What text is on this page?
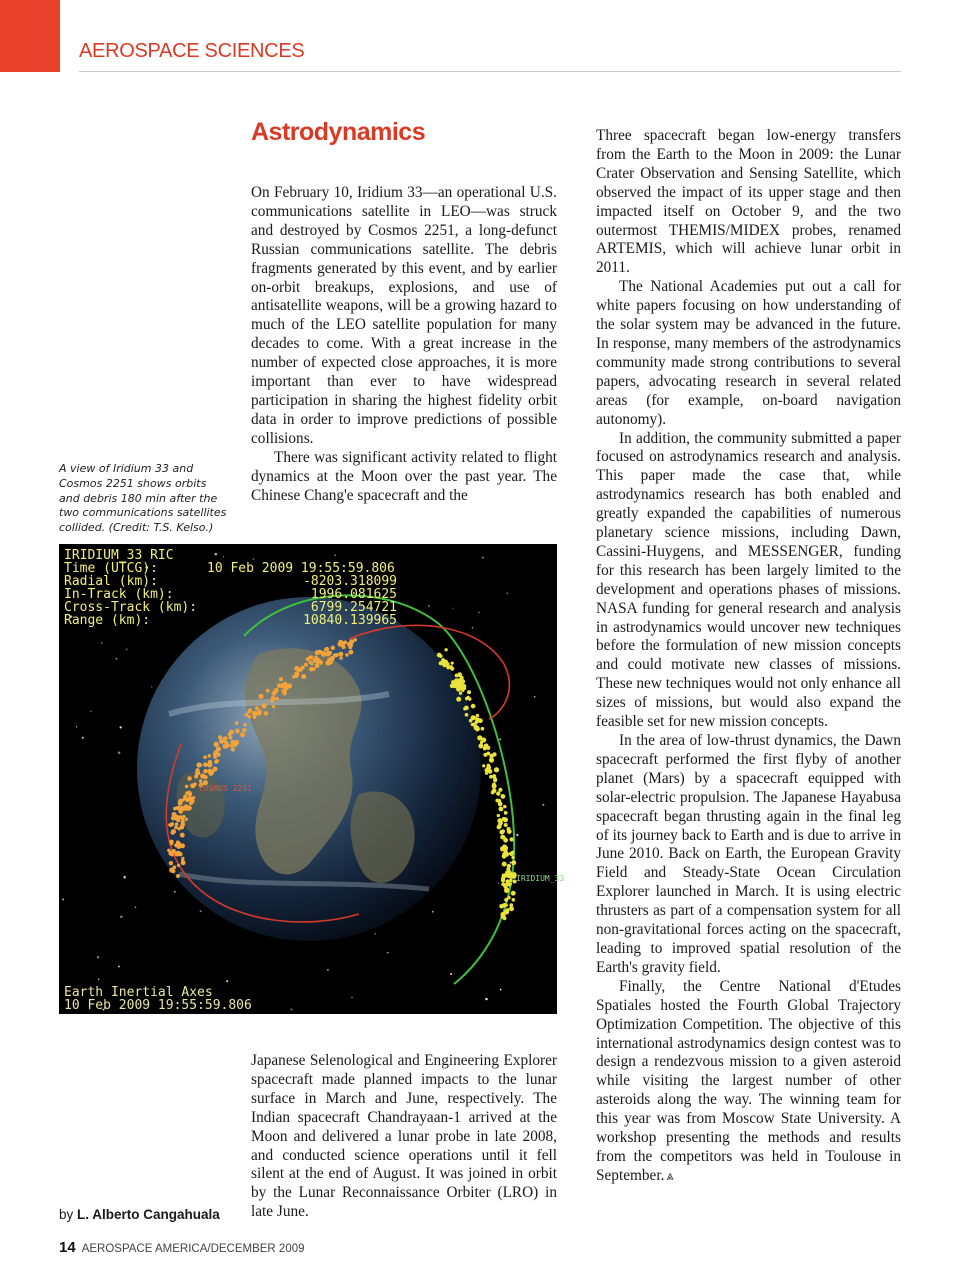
AEROSPACE SCIENCES
Astrodynamics

On February 10, Iridium 33—an operational U.S. communications satellite in LEO—was struck and destroyed by Cosmos 2251, a long-defunct Russian communications satellite. The debris fragments generated by this event, and by earlier on-orbit breakups, explosions, and use of antisatellite weapons, will be a growing hazard to much of the LEO satellite population for many decades to come. With a great increase in the number of expected close approaches, it is more important than ever to have widespread participation in sharing the highest fidelity orbit data in order to improve predictions of possible collisions.

There was significant activity related to flight dynamics at the Moon over the past year. The Chinese Chang'e spacecraft and the

A view of Iridium 33 and Cosmos 2251 shows orbits and debris 180 min after the two communications satellites collided. (Credit: T.S. Kelso.)
IRIDIUM_33 RIC
Time (UTCG):	10 Feb 2009 19:55:59.806
Radial (km):	-8203.318099
In-Track (km):	1996.081625
Cross-Track (km):	6799.254721
Range (km):	10840.139965
COSMOS 2251
IRIDIUM_33
Earth Inertial Axes
10 Feb 2009 19:55:59.806

Japanese Selenological and Engineering Explorer spacecraft made planned impacts to the lunar surface in March and June, respectively. The Indian spacecraft Chandrayaan-1 arrived at the Moon and delivered a lunar probe in late 2008, and conducted science operations until it fell silent at the end of August. It was joined in orbit by the Lunar Reconnaissance Orbiter (LRO) in late June.

Three spacecraft began low-energy transfers from the Earth to the Moon in 2009: the Lunar Crater Observation and Sensing Satellite, which observed the impact of its upper stage and then impacted itself on October 9, and the two outermost THEMIS/MIDEX probes, renamed ARTEMIS, which will achieve lunar orbit in 2011.

The National Academies put out a call for white papers focusing on how understanding of the solar system may be advanced in the future. In response, many members of the astrodynamics community made strong contributions to several papers, advocating research in several related areas (for example, on-board navigation autonomy).

In addition, the community submitted a paper focused on astrodynamics research and analysis. This paper made the case that, while astrodynamics research has both enabled and greatly expanded the capabilities of numerous planetary science missions, including Dawn, Cassini-Huygens, and MESSENGER, funding for this research has been largely limited to the development and operations phases of missions. NASA funding for general research and analysis in astrodynamics would uncover new techniques before the formulation of new mission concepts and could motivate new classes of missions. These new techniques would not only enhance all sizes of missions, but would also expand the feasible set for new mission concepts.

In the area of low-thrust dynamics, the Dawn spacecraft performed the first flyby of another planet (Mars) by a spacecraft equipped with solar-electric propulsion. The Japanese Hayabusa spacecraft began thrusting again in the final leg of its journey back to Earth and is due to arrive in June 2010. Back on Earth, the European Gravity Field and Steady-State Ocean Circulation Explorer launched in March. It is using electric thrusters as part of a compensation system for all non-gravitational forces acting on the spacecraft, leading to improved spatial resolution of the Earth's gravity field.

Finally, the Centre National d'Etudes Spatiales hosted the Fourth Global Trajectory Optimization Competition. The objective of this international astrodynamics design contest was to design a rendezvous mission to a given asteroid while visiting the largest number of other asteroids along the way. The winning team for this year was from Moscow State University. A workshop presenting the methods and results from the competitors was held in Toulouse in September. ⩓

by L. Alberto Cangahuala
14 AEROSPACE AMERICA/DECEMBER 2009
